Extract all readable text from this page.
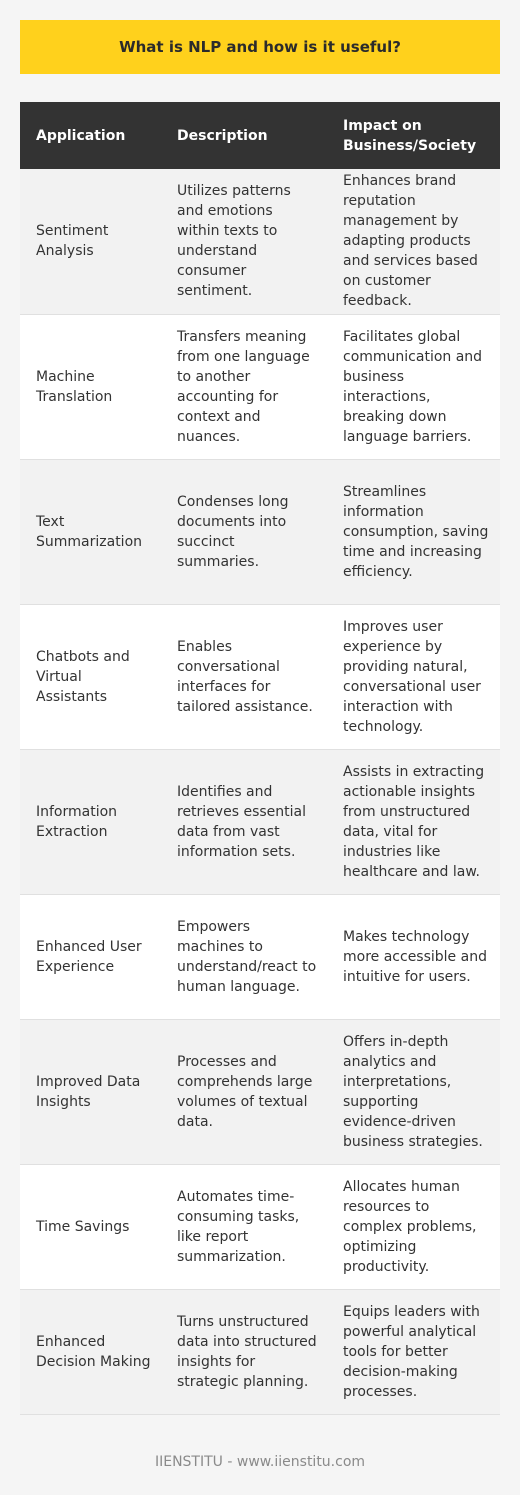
What is NLP and how is it useful?
Application	Description	Impact on Business/Society
Sentiment Analysis	Utilizes patterns and emotions within texts to understand consumer sentiment.	Enhances brand reputation management by adapting products and services based on customer feedback.
Machine Translation	Transfers meaning from one language to another accounting for context and nuances.	Facilitates global communication and business interactions, breaking down language barriers.
Text Summarization	Condenses long documents into succinct summaries.	Streamlines information consumption, saving time and increasing efficiency.
Chatbots and Virtual Assistants	Enables conversational interfaces for tailored assistance.	Improves user experience by providing natural, conversational user interaction with technology.
Information Extraction	Identifies and retrieves essential data from vast information sets.	Assists in extracting actionable insights from unstructured data, vital for industries like healthcare and law.
Enhanced User Experience	Empowers machines to understand/react to human language.	Makes technology more accessible and intuitive for users.
Improved Data Insights	Processes and comprehends large volumes of textual data.	Offers in-depth analytics and interpretations, supporting evidence-driven business strategies.
Time Savings	Automates time-consuming tasks, like report summarization.	Allocates human resources to complex problems, optimizing productivity.
Enhanced Decision Making	Turns unstructured data into structured insights for strategic planning.	Equips leaders with powerful analytical tools for better decision-making processes.
IIENSTITU - www.iienstitu.com
